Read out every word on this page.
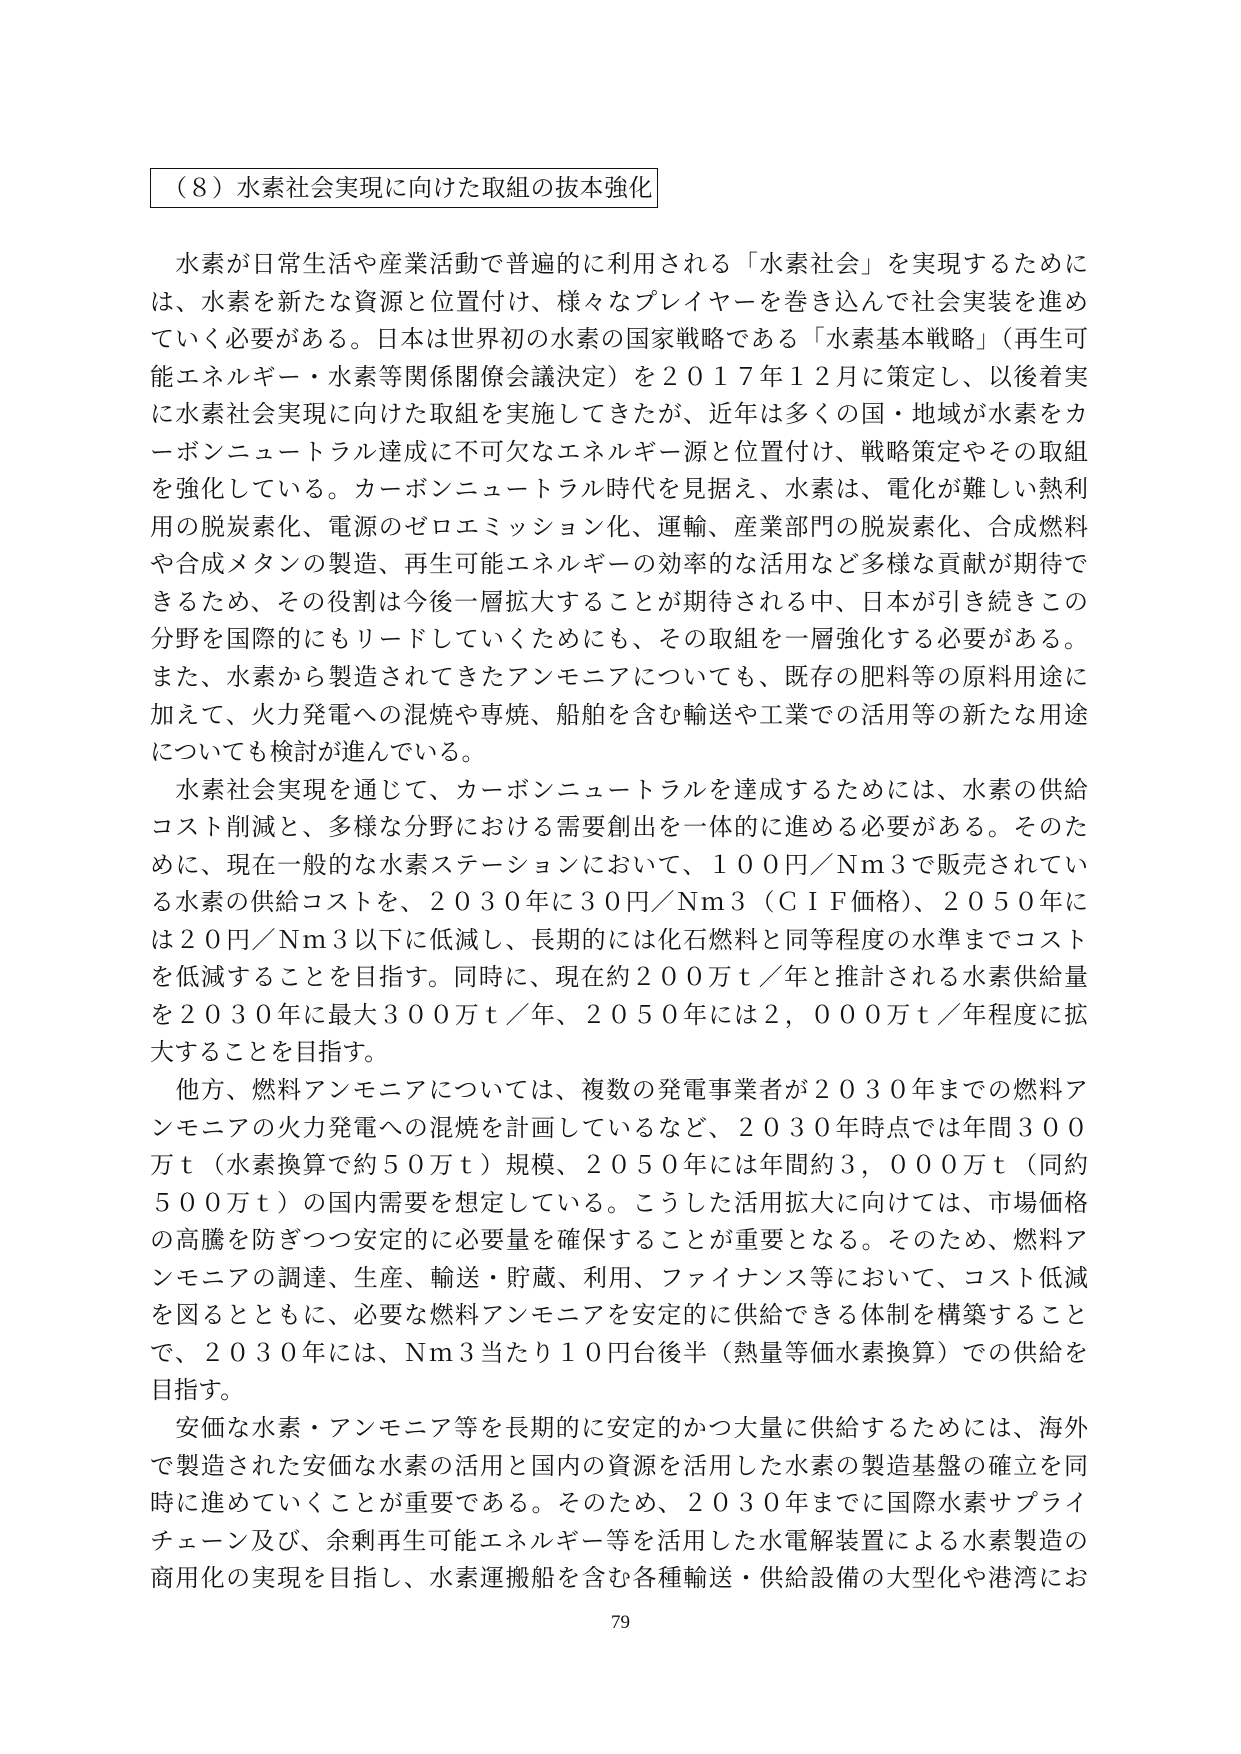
（８）水素社会実現に向けた取組の抜本強化
　水素が日常生活や産業活動で普遍的に利用される「水素社会」を実現するために
は、水素を新たな資源と位置付け、様々なプレイヤーを巻き込んで社会実装を進め
ていく必要がある。日本は世界初の水素の国家戦略である「水素基本戦略」（再生可
能エネルギー・水素等関係閣僚会議決定）を２０１７年１２月に策定し、以後着実
に水素社会実現に向けた取組を実施してきたが、近年は多くの国・地域が水素をカ
ーボンニュートラル達成に不可欠なエネルギー源と位置付け、戦略策定やその取組
を強化している。カーボンニュートラル時代を見据え、水素は、電化が難しい熱利
用の脱炭素化、電源のゼロエミッション化、運輸、産業部門の脱炭素化、合成燃料
や合成メタンの製造、再生可能エネルギーの効率的な活用など多様な貢献が期待で
きるため、その役割は今後一層拡大することが期待される中、日本が引き続きこの
分野を国際的にもリードしていくためにも、その取組を一層強化する必要がある。
また、水素から製造されてきたアンモニアについても、既存の肥料等の原料用途に
加えて、火力発電への混焼や専焼、船舶を含む輸送や工業での活用等の新たな用途
についても検討が進んでいる。
　水素社会実現を通じて、カーボンニュートラルを達成するためには、水素の供給
コスト削減と、多様な分野における需要創出を一体的に進める必要がある。そのた
めに、現在一般的な水素ステーションにおいて、１００円／Ｎｍ３で販売されてい
る水素の供給コストを、２０３０年に３０円／Ｎｍ３（ＣＩＦ価格）、２０５０年に
は２０円／Ｎｍ３以下に低減し、長期的には化石燃料と同等程度の水準までコスト
を低減することを目指す。同時に、現在約２００万ｔ／年と推計される水素供給量
を２０３０年に最大３００万ｔ／年、２０５０年には２，０００万ｔ／年程度に拡
大することを目指す。
　他方、燃料アンモニアについては、複数の発電事業者が２０３０年までの燃料ア
ンモニアの火力発電への混焼を計画しているなど、２０３０年時点では年間３００
万ｔ（水素換算で約５０万ｔ）規模、２０５０年には年間約３，０００万ｔ（同約
５００万ｔ）の国内需要を想定している。こうした活用拡大に向けては、市場価格
の高騰を防ぎつつ安定的に必要量を確保することが重要となる。そのため、燃料ア
ンモニアの調達、生産、輸送・貯蔵、利用、ファイナンス等において、コスト低減
を図るとともに、必要な燃料アンモニアを安定的に供給できる体制を構築すること
で、２０３０年には、Ｎｍ３当たり１０円台後半（熱量等価水素換算）での供給を
目指す。
　安価な水素・アンモニア等を長期的に安定的かつ大量に供給するためには、海外
で製造された安価な水素の活用と国内の資源を活用した水素の製造基盤の確立を同
時に進めていくことが重要である。そのため、２０３０年までに国際水素サプライ
チェーン及び、余剰再生可能エネルギー等を活用した水電解装置による水素製造の
商用化の実現を目指し、水素運搬船を含む各種輸送・供給設備の大型化や港湾にお
79
